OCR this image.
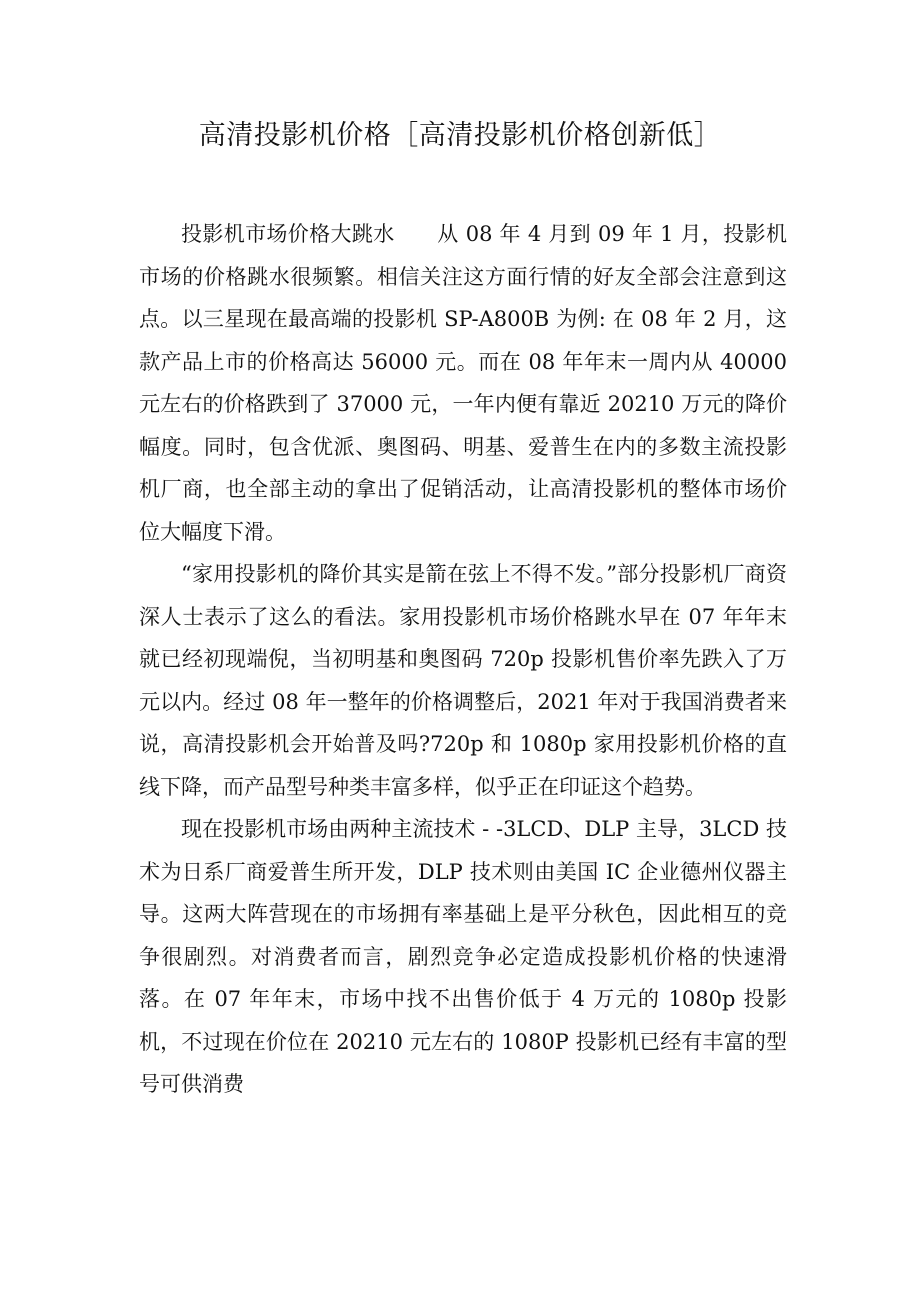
高清投影机价格［高清投影机价格创新低］

投影机市场价格大跳水　　从 08 年 4 月到 09 年 1 月，投影机市场的价格跳水很频繁。相信关注这方面行情的好友全部会注意到这点。以三星现在最高端的投影机 SP-A800B 为例: 在 08 年 2 月，这款产品上市的价格高达 56000 元。而在 08 年年末一周内从 40000 元左右的价格跌到了 37000 元，一年内便有靠近 20210 万元的降价幅度。同时，包含优派、奥图码、明基、爱普生在内的多数主流投影机厂商，也全部主动的拿出了促销活动，让高清投影机的整体市场价位大幅度下滑。

“家用投影机的降价其实是箭在弦上不得不发。”部分投影机厂商资深人士表示了这么的看法。家用投影机市场价格跳水早在 07 年年末就已经初现端倪，当初明基和奥图码 720p 投影机售价率先跌入了万元以内。经过 08 年一整年的价格调整后，2021 年对于我国消费者来说，高清投影机会开始普及吗?720p 和 1080p 家用投影机价格的直线下降，而产品型号种类丰富多样，似乎正在印证这个趋势。

现在投影机市场由两种主流技术 - -3LCD、DLP 主导，3LCD 技术为日系厂商爱普生所开发，DLP 技术则由美国 IC 企业德州仪器主导。这两大阵营现在的市场拥有率基础上是平分秋色，因此相互的竞争很剧烈。对消费者而言，剧烈竞争必定造成投影机价格的快速滑落。在 07 年年末，市场中找不出售价低于 4 万元的 1080p 投影机，不过现在价位在 20210 元左右的 1080P 投影机已经有丰富的型号可供消费
